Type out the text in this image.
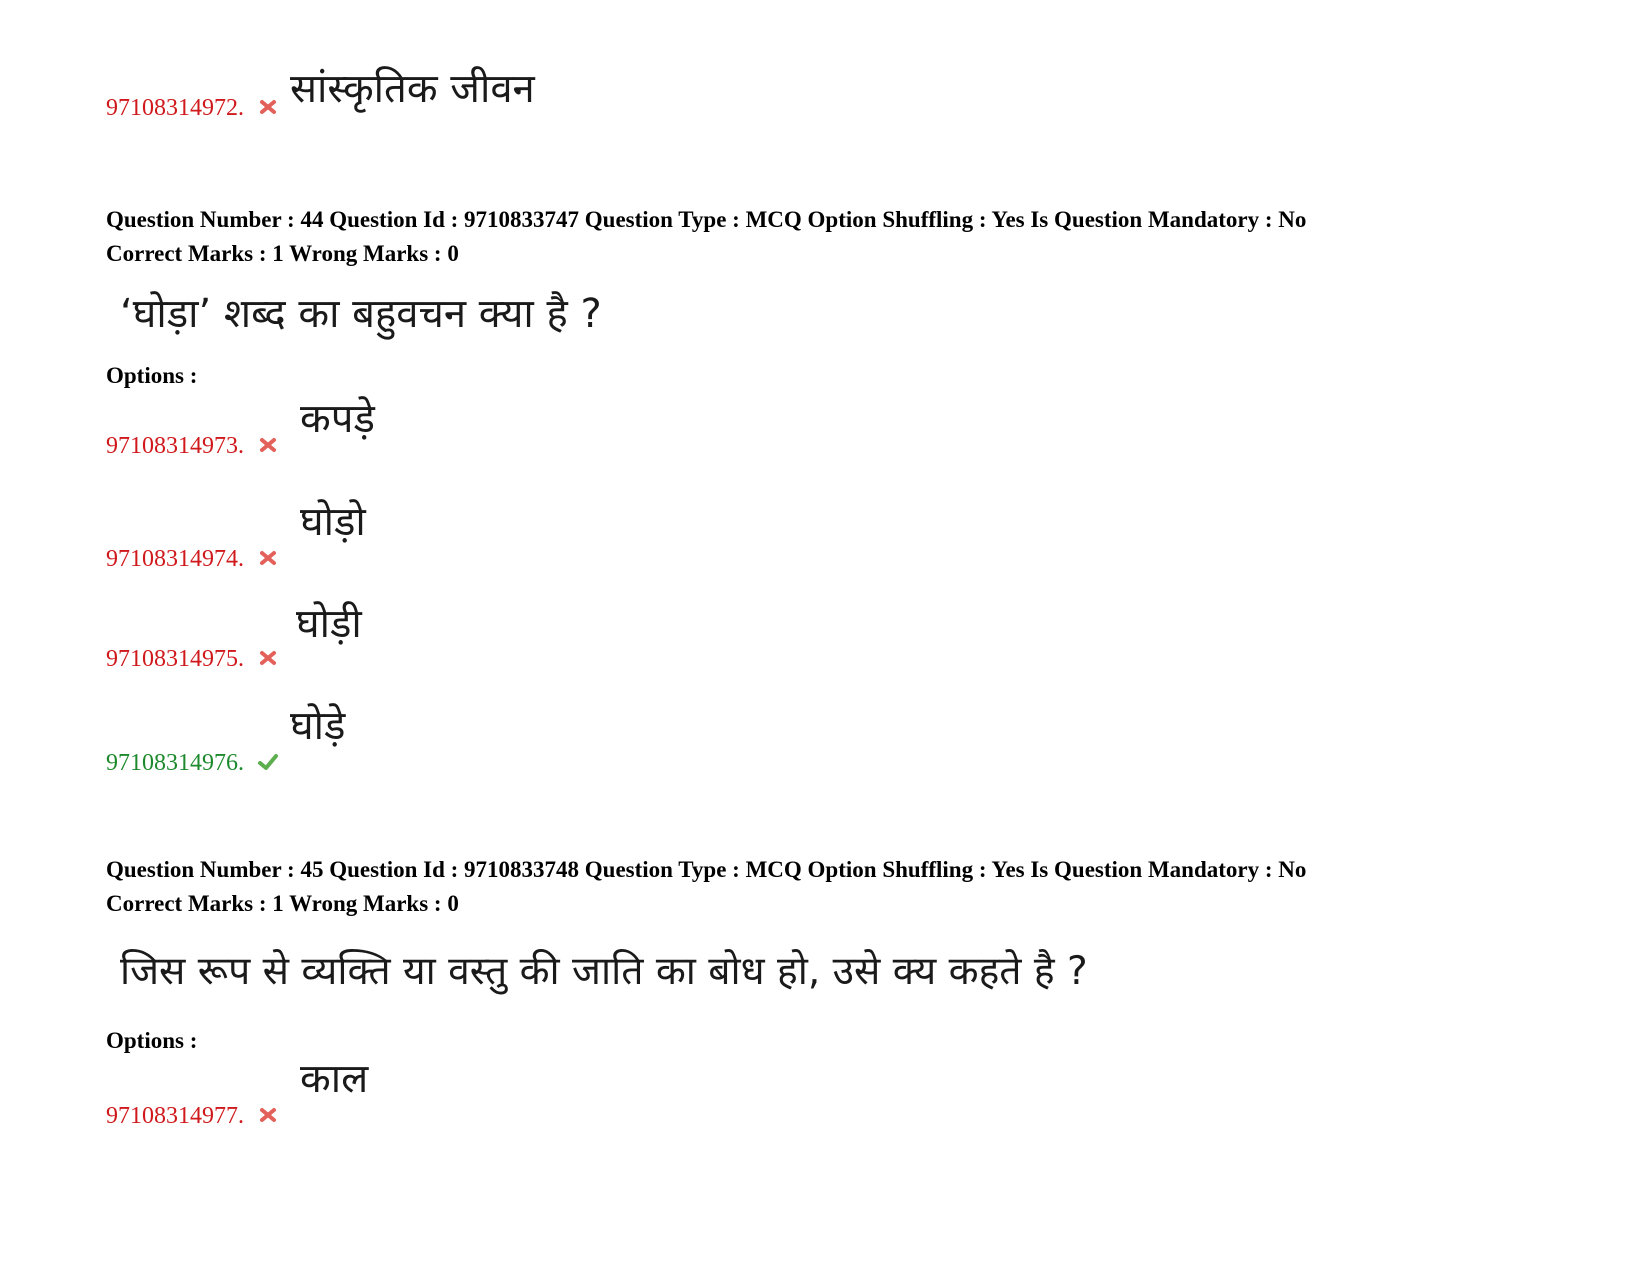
97108314972. सांस्कृतिक जीवन
Question Number : 44 Question Id : 9710833747 Question Type : MCQ Option Shuffling : Yes Is Question Mandatory : No
Correct Marks : 1 Wrong Marks : 0
‘घोड़ा’ शब्द का बहुवचन क्या है ?
Options :
97108314973.
कपड़े
97108314974.
घोड़ो
97108314975.
घोड़ी
97108314976.
घोड़े
Question Number : 45 Question Id : 9710833748 Question Type : MCQ Option Shuffling : Yes Is Question Mandatory : No
Correct Marks : 1 Wrong Marks : 0
जिस रूप से व्यक्ति या वस्तु की जाति का बोध हो, उसे क्य कहते है ?
Options :
97108314977.
काल
